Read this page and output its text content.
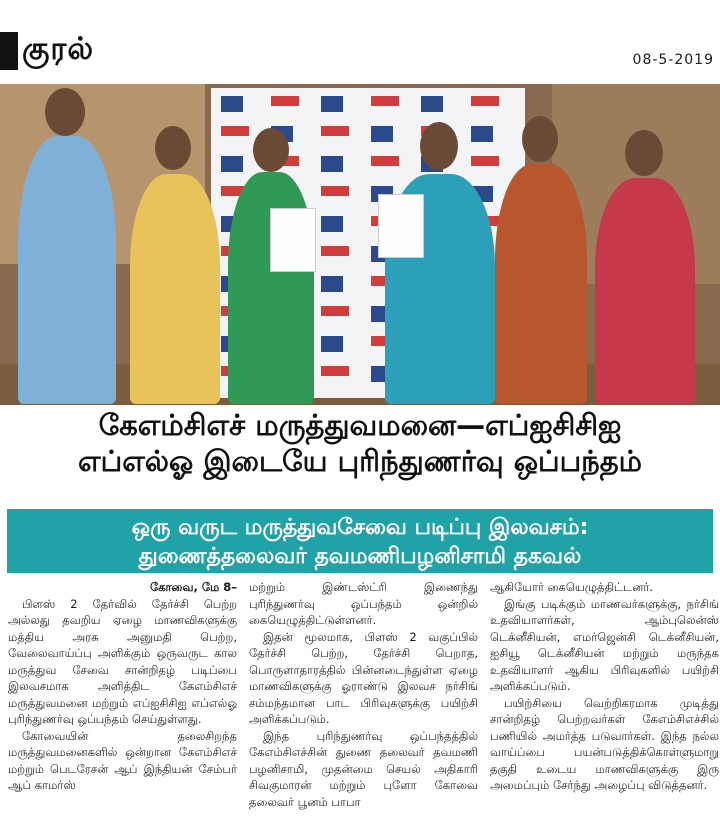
குரல்	08-5-2019
கேஎம்சிஎச் மருத்துவமனை—எப்ஐசிசிஐ
எப்எல்ஓ இடையே புரிந்துணர்வு ஒப்பந்தம்
ஒரு வருட மருத்துவசேவை படிப்பு இலவசம்:
துணைத்தலைவர் தவமணிபழனிசாமி தகவல்
கோவை, மே 8–

பிளஸ் 2 தேர்வில் தேர்ச்சி பெற்ற அல்லது தவறிய ஏழை மாணவிகளுக்கு மத்திய அரசு அனுமதி பெற்ற, வேலைவாய்ப்பு அளிக்கும் ஒருவருட கால மருத்துவ சேவை சான்றிதழ் படிப்பை இலவசமாக அளித்திட கேஎம்சிஎச் மருத்துவமனை மற்றும் எப்ஐசிசிஐ எப்எல்ஓ புரிந்துணர்வு ஒப்பந்தம் செய்துள்ளது.

கோவையின் தலைசிறந்த மருத்துவமனைகளில் ஒன்றான கேஎம்சிஎச் மற்றும் பெடரேசன் ஆப் இந்தியன் சேம்பர் ஆப் காமர்ஸ்

மற்றும் இண்டஸ்ட்ரி இணைந்து புரிந்துணர்வு ஒப்பந்தம் ஒன்றில் கையெழுத்திட்டுள்ளனர்.

இதன் மூலமாக, பிளஸ் 2 வகுப்பில் தேர்ச்சி பெற்ற, தேர்ச்சி பெறாத, பொருளாதாரத்தில் பின்னடைந்துள்ள ஏழை மாணவிகளுக்கு ஓராண்டு இலவச நர்சிங் சம்மந்தமான பாட பிரிவுகளுக்கு பயிற்சி அளிக்கப்படும்.

இந்த புரிந்துணர்வு ஒப்பந்தத்தில் கேஎம்சிஎச்சின் துணை தலைவர் தவமணி பழனிசாமி, முதன்மை செயல் அதிகாரி சிவகுமாரன் மற்றும் புளோ கோவை தலைவர் பூனம் பாபா

ஆகியோர் கையெழுத்திட்டனர்.

இங்கு படிக்கும் மாணவர்களுக்கு, நர்சிங் உதவியாளர்கள், ஆம்புலென்ஸ் டெக்னீசியன், எமர்ஜென்சி டெக்னீசியன், ஐசியூ டெக்னீசியன் மற்றும் மருந்தக உதவியாளர் ஆகிய பிரிவுகளில் பயிற்சி அளிக்கப்படும்.

பயிற்சியை வெற்றிகரமாக முடித்து சான்றிதழ் பெற்றவர்கள் கேஎம்சிஎச்சில் பணியில் அமர்த்த படுவார்கள். இந்த நல்ல வாய்ப்பை பயன்படுத்திக்கொள்ளுமாறு தகுதி உடைய மாணவிகளுக்கு இரு அமைப்பும் சேர்ந்து அழைப்பு விடுத்தனர்.
